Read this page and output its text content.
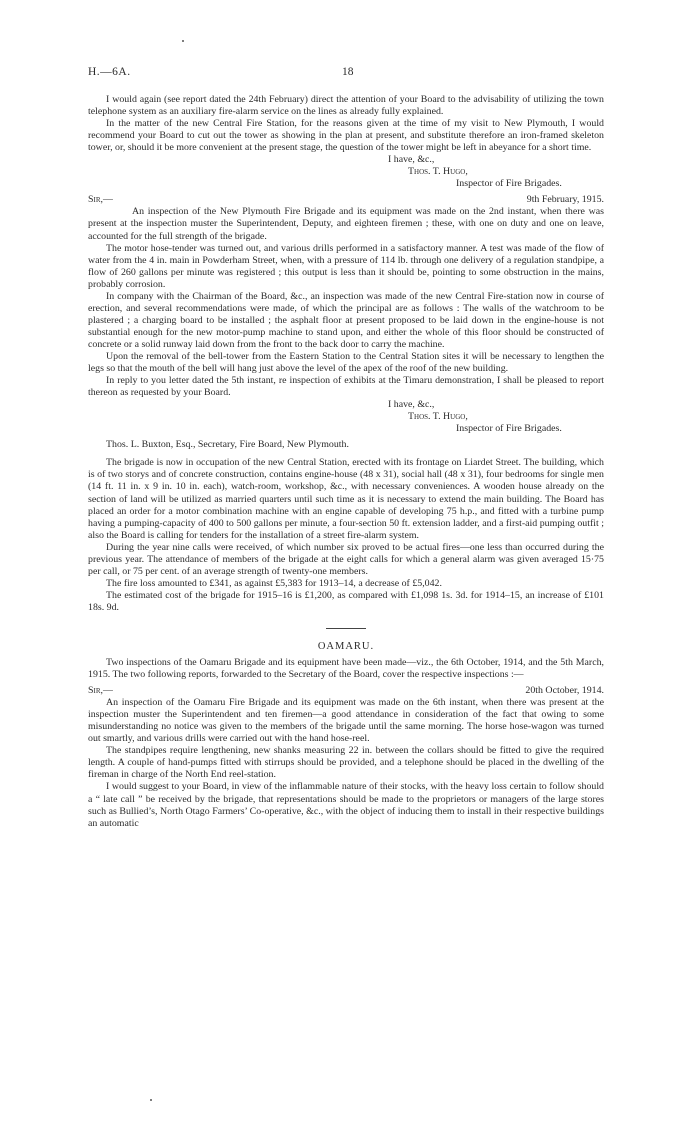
H.—6A.	18

I would again (see report dated the 24th February) direct the attention of your Board to the advisability of utilizing the town telephone system as an auxiliary fire-alarm service on the lines as already fully explained.

In the matter of the new Central Fire Station, for the reasons given at the time of my visit to New Plymouth, I would recommend your Board to cut out the tower as showing in the plan at present, and substitute therefore an iron-framed skeleton tower, or, should it be more convenient at the present stage, the question of the tower might be left in abeyance for a short time.

I have, &c.,
Thos. T. Hugo,
Inspector of Fire Brigades.
Sir,—	9th February, 1915.

An inspection of the New Plymouth Fire Brigade and its equipment was made on the 2nd instant, when there was present at the inspection muster the Superintendent, Deputy, and eighteen firemen ; these, with one on duty and one on leave, accounted for the full strength of the brigade.

The motor hose-tender was turned out, and various drills performed in a satisfactory manner. A test was made of the flow of water from the 4 in. main in Powderham Street, when, with a pressure of 114 lb. through one delivery of a regulation standpipe, a flow of 260 gallons per minute was registered ; this output is less than it should be, pointing to some obstruction in the mains, probably corrosion.

In company with the Chairman of the Board, &c., an inspection was made of the new Central Fire-station now in course of erection, and several recommendations were made, of which the principal are as follows : The walls of the watchroom to be plastered ; a charging board to be installed ; the asphalt floor at present proposed to be laid down in the engine-house is not substantial enough for the new motor-pump machine to stand upon, and either the whole of this floor should be constructed of concrete or a solid runway laid down from the front to the back door to carry the machine.

Upon the removal of the bell-tower from the Eastern Station to the Central Station sites it will be necessary to lengthen the legs so that the mouth of the bell will hang just above the level of the apex of the roof of the new building.

In reply to you letter dated the 5th instant, re inspection of exhibits at the Timaru demonstration, I shall be pleased to report thereon as requested by your Board.

I have, &c.,
Thos. T. Hugo,
Inspector of Fire Brigades.
Thos. L. Buxton, Esq., Secretary, Fire Board, New Plymouth.

The brigade is now in occupation of the new Central Station, erected with its frontage on Liardet Street. The building, which is of two storys and of concrete construction, contains engine-house (48 x 31), social hall (48 x 31), four bedrooms for single men (14 ft. 11 in. x 9 in. 10 in. each), watch-room, workshop, &c., with necessary conveniences. A wooden house already on the section of land will be utilized as married quarters until such time as it is necessary to extend the main building. The Board has placed an order for a motor combination machine with an engine capable of developing 75 h.p., and fitted with a turbine pump having a pumping-capacity of 400 to 500 gallons per minute, a four-section 50 ft. extension ladder, and a first-aid pumping outfit ; also the Board is calling for tenders for the installation of a street fire-alarm system.

During the year nine calls were received, of which number six proved to be actual fires—one less than occurred during the previous year. The attendance of members of the brigade at the eight calls for which a general alarm was given averaged 15·75 per call, or 75 per cent. of an average strength of twenty-one members.

The fire loss amounted to £341, as against £5,383 for 1913–14, a decrease of £5,042.

The estimated cost of the brigade for 1915–16 is £1,200, as compared with £1,098 1s. 3d. for 1914–15, an increase of £101 18s. 9d.

OAMARU.

Two inspections of the Oamaru Brigade and its equipment have been made—viz., the 6th October, 1914, and the 5th March, 1915. The two following reports, forwarded to the Secretary of the Board, cover the respective inspections :—

Sir,—	20th October, 1914.

An inspection of the Oamaru Fire Brigade and its equipment was made on the 6th instant, when there was present at the inspection muster the Superintendent and ten firemen—a good attendance in consideration of the fact that owing to some misunderstanding no notice was given to the members of the brigade until the same morning. The horse hose-wagon was turned out smartly, and various drills were carried out with the hand hose-reel.

The standpipes require lengthening, new shanks measuring 22 in. between the collars should be fitted to give the required length. A couple of hand-pumps fitted with stirrups should be provided, and a telephone should be placed in the dwelling of the fireman in charge of the North End reel-station.

I would suggest to your Board, in view of the inflammable nature of their stocks, with the heavy loss certain to follow should a “ late call ” be received by the brigade, that representations should be made to the proprietors or managers of the large stores such as Bullied’s, North Otago Farmers’ Co-operative, &c., with the object of inducing them to install in their respective buildings an automatic
